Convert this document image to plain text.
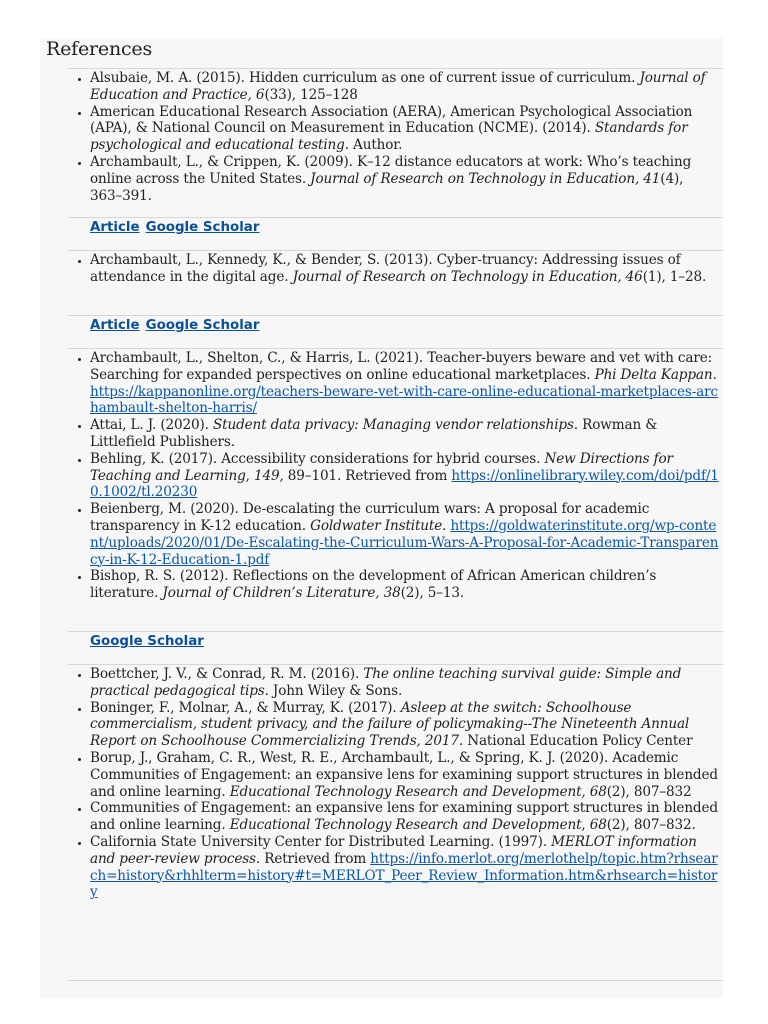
References
• Alsubaie, M. A. (2015). Hidden curriculum as one of current issue of curriculum. Journal of Education and Practice, 6(33), 125–128
• American Educational Research Association (AERA), American Psychological Association (APA), & National Council on Measurement in Education (NCME). (2014). Standards for psychological and educational testing. Author.
• Archambault, L., & Crippen, K. (2009). K–12 distance educators at work: Who’s teaching online across the United States. Journal of Research on Technology in Education, 41(4), 363–391.
Article Google Scholar
• Archambault, L., Kennedy, K., & Bender, S. (2013). Cyber-truancy: Addressing issues of attendance in the digital age. Journal of Research on Technology in Education, 46(1), 1–28.
Article Google Scholar
• Archambault, L., Shelton, C., & Harris, L. (2021). Teacher-buyers beware and vet with care: Searching for expanded perspectives on online educational marketplaces. Phi Delta Kappan. https://kappanonline.org/teachers-beware-vet-with-care-online-educational-marketplaces-archambault-shelton-harris/
• Attai, L. J. (2020). Student data privacy: Managing vendor relationships. Rowman & Littlefield Publishers.
• Behling, K. (2017). Accessibility considerations for hybrid courses. New Directions for Teaching and Learning, 149, 89–101. Retrieved from https://onlinelibrary.wiley.com/doi/pdf/10.1002/tl.20230
• Beienberg, M. (2020). De-escalating the curriculum wars: A proposal for academic transparency in K-12 education. Goldwater Institute. https://goldwaterinstitute.org/wp-content/uploads/2020/01/De-Escalating-the-Curriculum-Wars-A-Proposal-for-Academic-Transparency-in-K-12-Education-1.pdf
• Bishop, R. S. (2012). Reflections on the development of African American children’s literature. Journal of Children’s Literature, 38(2), 5–13.
Google Scholar
• Boettcher, J. V., & Conrad, R. M. (2016). The online teaching survival guide: Simple and practical pedagogical tips. John Wiley & Sons.
• Boninger, F., Molnar, A., & Murray, K. (2017). Asleep at the switch: Schoolhouse commercialism, student privacy, and the failure of policymaking--The Nineteenth Annual Report on Schoolhouse Commercializing Trends, 2017. National Education Policy Center
• Borup, J., Graham, C. R., West, R. E., Archambault, L., & Spring, K. J. (2020). Academic Communities of Engagement: an expansive lens for examining support structures in blended and online learning. Educational Technology Research and Development, 68(2), 807–832
• Communities of Engagement: an expansive lens for examining support structures in blended and online learning. Educational Technology Research and Development, 68(2), 807–832.
• California State University Center for Distributed Learning. (1997). MERLOT information and peer-review process. Retrieved from https://info.merlot.org/merlothelp/topic.htm?rhsearch=history&rhhlterm=history#t=MERLOT_Peer_Review_Information.htm&rhsearch=history
